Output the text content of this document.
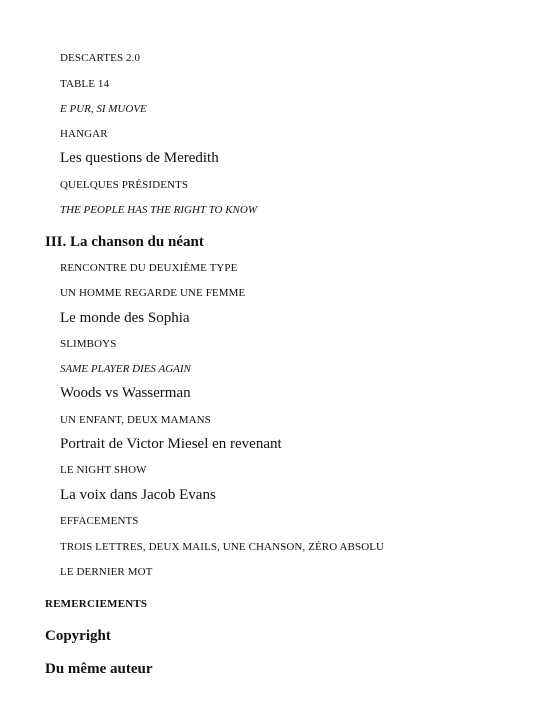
DESCARTES 2.0
TABLE 14
E PUR, SI MUOVE
HANGAR
Les questions de Meredith
QUELQUES PRÉSIDENTS
THE PEOPLE HAS THE RIGHT TO KNOW
III. La chanson du néant
RENCONTRE DU DEUXIÈME TYPE
UN HOMME REGARDE UNE FEMME
Le monde des Sophia
SLIMBOYS
SAME PLAYER DIES AGAIN
Woods vs Wasserman
UN ENFANT, DEUX MAMANS
Portrait de Victor Miesel en revenant
LE NIGHT SHOW
La voix dans Jacob Evans
EFFACEMENTS
TROIS LETTRES, DEUX MAILS, UNE CHANSON, ZÉRO ABSOLU
LE DERNIER MOT
REMERCIEMENTS
Copyright
Du même auteur
